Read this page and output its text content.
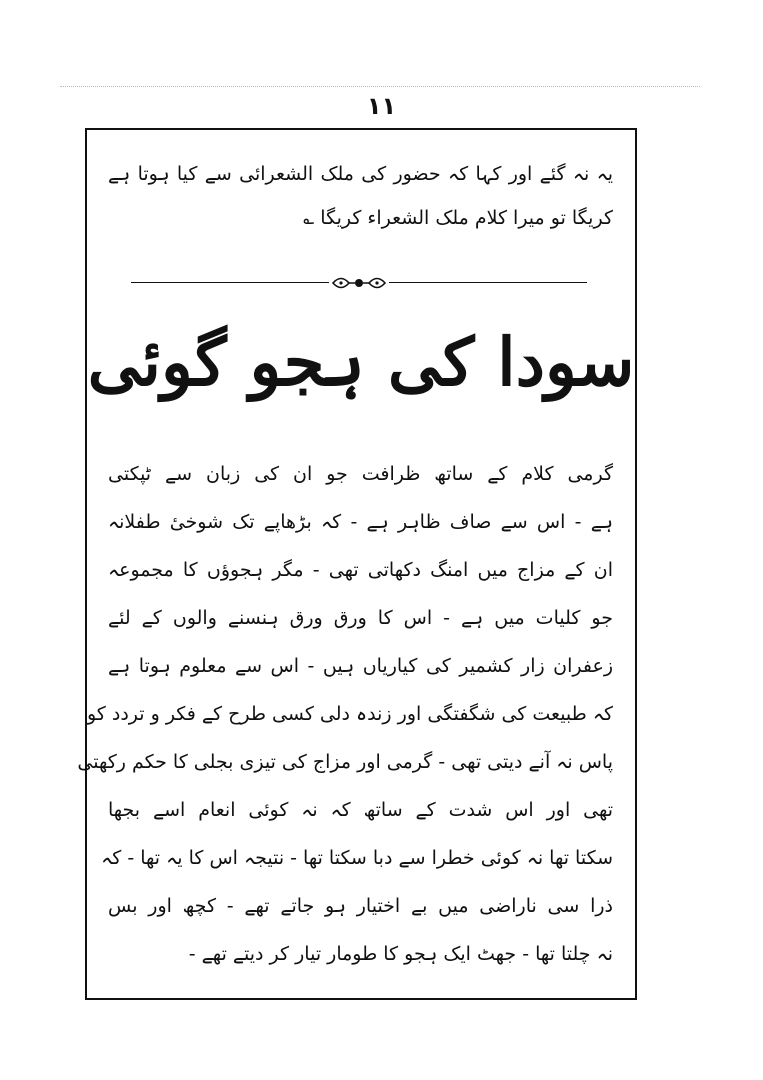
۱۱
یہ نہ گئے اور کہا کہ حضور کی ملک الشعرائی سے کیا ہوتا ہے
کریگا تو میرا کلام ملک الشعراء کریگا ؎
سودا کی ہجو گوئی
گرمی کلام کے ساتھ ظرافت جو ان کی زبان سے ٹپکتی
ہے - اس سے صاف ظاہر ہے - کہ بڑھاپے تک شوخیٔ طفلانہ
ان کے مزاج میں امنگ دکھاتی تھی - مگر ہجوؤں کا مجموعہ
جو کلیات میں ہے - اس کا ورق ورق ہنسنے والوں کے لئے
زعفران زار کشمیر کی کیاریاں ہیں - اس سے معلوم ہوتا ہے
کہ طبیعت کی شگفتگی اور زندہ دلی کسی طرح کے فکر و تردد کو
پاس نہ آنے دیتی تھی - گرمی اور مزاج کی تیزی بجلی کا حکم رکھتی
تھی اور اس شدت کے ساتھ کہ نہ کوئی انعام اسے بجھا
سکتا تھا نہ کوئی خطرا سے دبا سکتا تھا - نتیجہ اس کا یہ تھا - کہ
ذرا سی ناراضی میں بے اختیار ہو جاتے تھے - کچھ اور بس
نہ چلتا تھا - جھٹ ایک ہجو کا طومار تیار کر دیتے تھے -
